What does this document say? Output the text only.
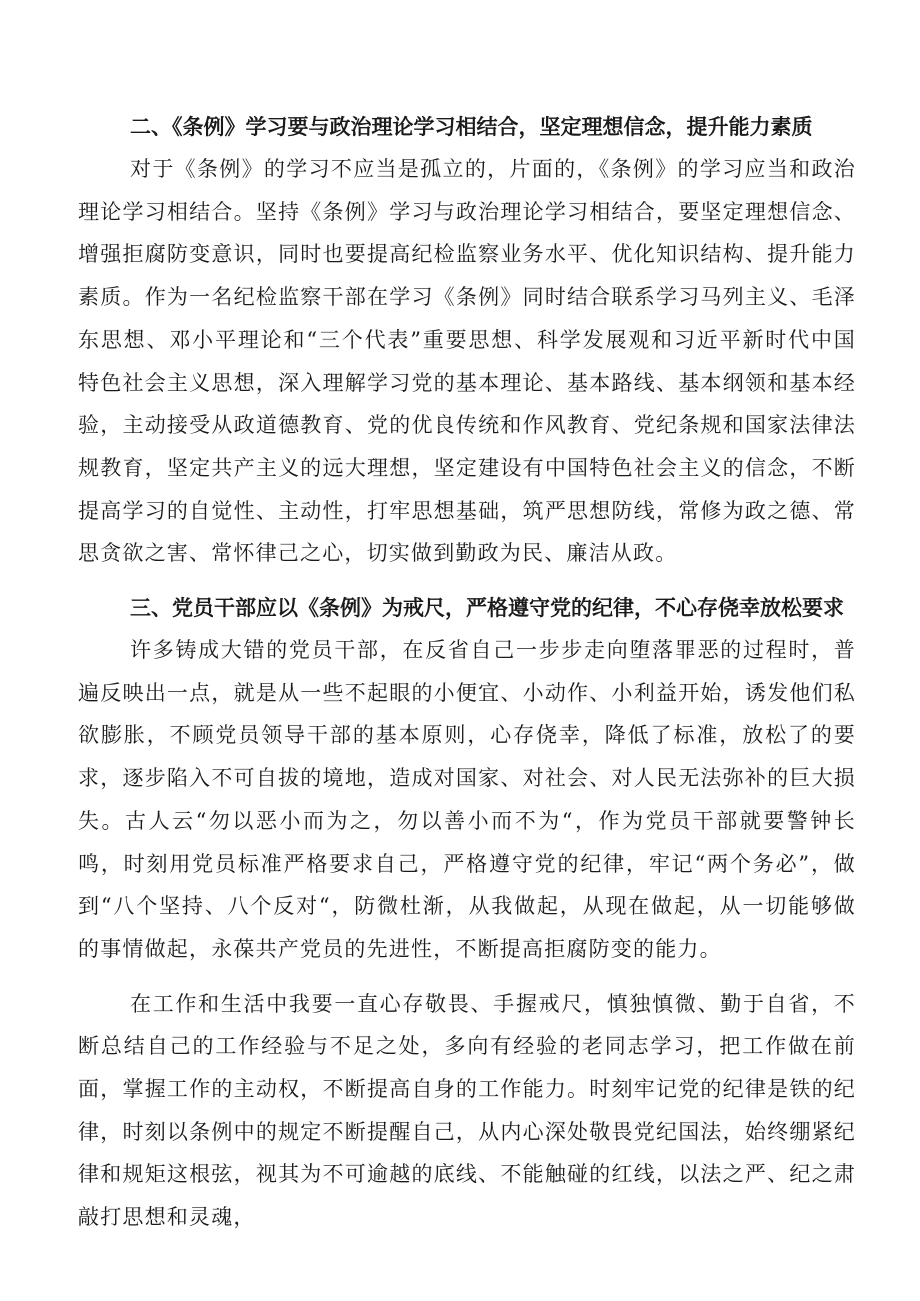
二、《条例》学习要与政治理论学习相结合，坚定理想信念，提升能力素质

对于《条例》的学习不应当是孤立的，片面的，《条例》的学习应当和政治理论学习相结合。坚持《条例》学习与政治理论学习相结合，要坚定理想信念、增强拒腐防变意识，同时也要提高纪检监察业务水平、优化知识结构、提升能力素质。作为一名纪检监察干部在学习《条例》同时结合联系学习马列主义、毛泽东思想、邓小平理论和“三个代表”重要思想、科学发展观和习近平新时代中国特色社会主义思想，深入理解学习党的基本理论、基本路线、基本纲领和基本经验，主动接受从政道德教育、党的优良传统和作风教育、党纪条规和国家法律法规教育，坚定共产主义的远大理想，坚定建设有中国特色社会主义的信念，不断提高学习的自觉性、主动性，打牢思想基础，筑严思想防线，常修为政之德、常思贪欲之害、常怀律己之心，切实做到勤政为民、廉洁从政。

三、党员干部应以《条例》为戒尺，严格遵守党的纪律，不心存侥幸放松要求

许多铸成大错的党员干部，在反省自己一步步走向堕落罪恶的过程时，普遍反映出一点，就是从一些不起眼的小便宜、小动作、小利益开始，诱发他们私欲膨胀，不顾党员领导干部的基本原则，心存侥幸，降低了标准，放松了的要求，逐步陷入不可自拔的境地，造成对国家、对社会、对人民无法弥补的巨大损失。古人云“勿以恶小而为之，勿以善小而不为“，作为党员干部就要警钟长鸣，时刻用党员标准严格要求自己，严格遵守党的纪律，牢记“两个务必”，做到“八个坚持、八个反对“，防微杜渐，从我做起，从现在做起，从一切能够做的事情做起，永葆共产党员的先进性，不断提高拒腐防变的能力。

在工作和生活中我要一直心存敬畏、手握戒尺，慎独慎微、勤于自省，不断总结自己的工作经验与不足之处，多向有经验的老同志学习，把工作做在前面，掌握工作的主动权，不断提高自身的工作能力。时刻牢记党的纪律是铁的纪律，时刻以条例中的规定不断提醒自己，从内心深处敬畏党纪国法，始终绷紧纪律和规矩这根弦，视其为不可逾越的底线、不能触碰的红线，以法之严、纪之肃敲打思想和灵魂，
